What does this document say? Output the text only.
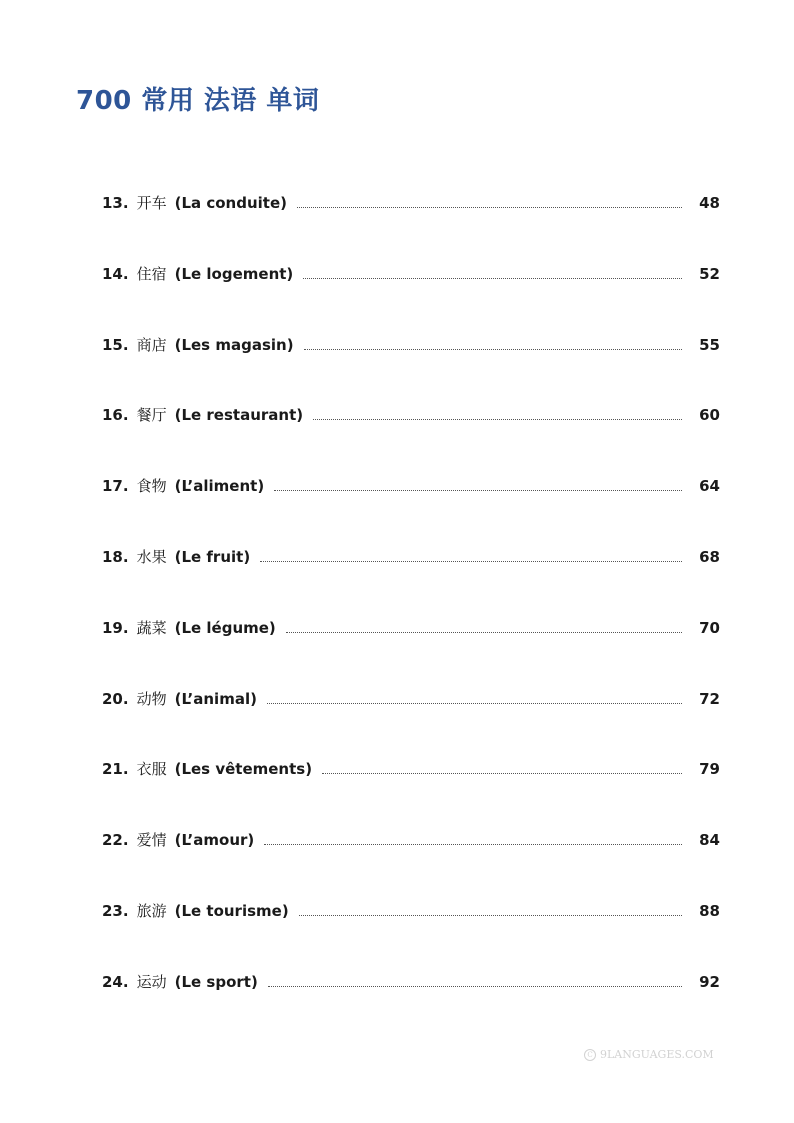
700 常用 法语 单词
13. 开车 (La conduite)	48
14. 住宿 (Le logement)	52
15. 商店 (Les magasin)	55
16. 餐厅 (Le restaurant)	60
17. 食物 (L’aliment)	64
18. 水果 (Le fruit)	68
19. 蔬菜 (Le légume)	70
20. 动物 (L’animal)	72
21. 衣服 (Les vêtements)	79
22. 爱情 (L’amour)	84
23. 旅游 (Le tourisme)	88
24. 运动 (Le sport)	92
C 9LANGUAGES.COM
